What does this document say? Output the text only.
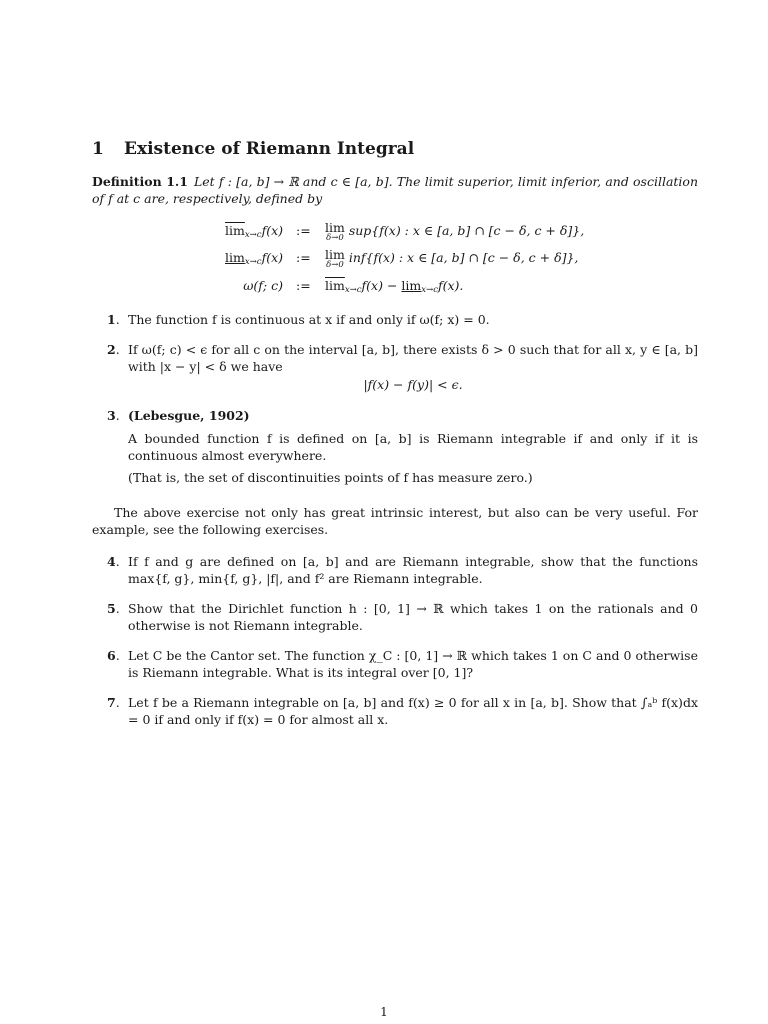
1 Existence of Riemann Integral
Definition 1.1 Let f : [a, b] → ℝ and c ∈ [a, b]. The limit superior, limit inferior, and oscillation of f at c are, respectively, defined by
$\overline{lim}_{x\to c}f(x)$ := lim
δ→0 sup{f(x) : x ∈ [a, b] ∩ [c − δ, c + δ]},
$\lim_{x\to c}f(x)$ := lim
δ→0 inf{f(x) : x ∈ [a, b] ∩ [c − δ, c + δ]},
ω(f; c) := $\overline{lim}_{x\to c}f(x) - \lim_{x\to c}f(x)$.
1. The function f is continuous at x if and only if ω(f; x) = 0.
2. If ω(f; c) < ϵ for all c on the interval [a, b], there exists δ > 0 such that for all x, y ∈ [a, b] with |x − y| < δ we have
|f(x) − f(y)| < ϵ.
3. (Lebesgue, 1902)
A bounded function f is defined on [a, b] is Riemann integrable if and only if it is continuous almost everywhere.
(That is, the set of discontinuities points of f has measure zero.)
The above exercise not only has great intrinsic interest, but also can be very useful. For example, see the following exercises.
4. If f and g are defined on [a, b] and are Riemann integrable, show that the functions max{f, g}, min{f, g}, |f|, and f² are Riemann integrable.
5. Show that the Dirichlet function h : [0, 1] → ℝ which takes 1 on the rationals and 0 otherwise is not Riemann integrable.
6. Let C be the Cantor set. The function χ_C : [0, 1] → ℝ which takes 1 on C and 0 otherwise is Riemann integrable. What is its integral over [0, 1]?
7. Let f be a Riemann integrable on [a, b] and f(x) ≥ 0 for all x in [a, b]. Show that ∫ₐᵇ f(x)dx = 0 if and only if f(x) = 0 for almost all x.
1
